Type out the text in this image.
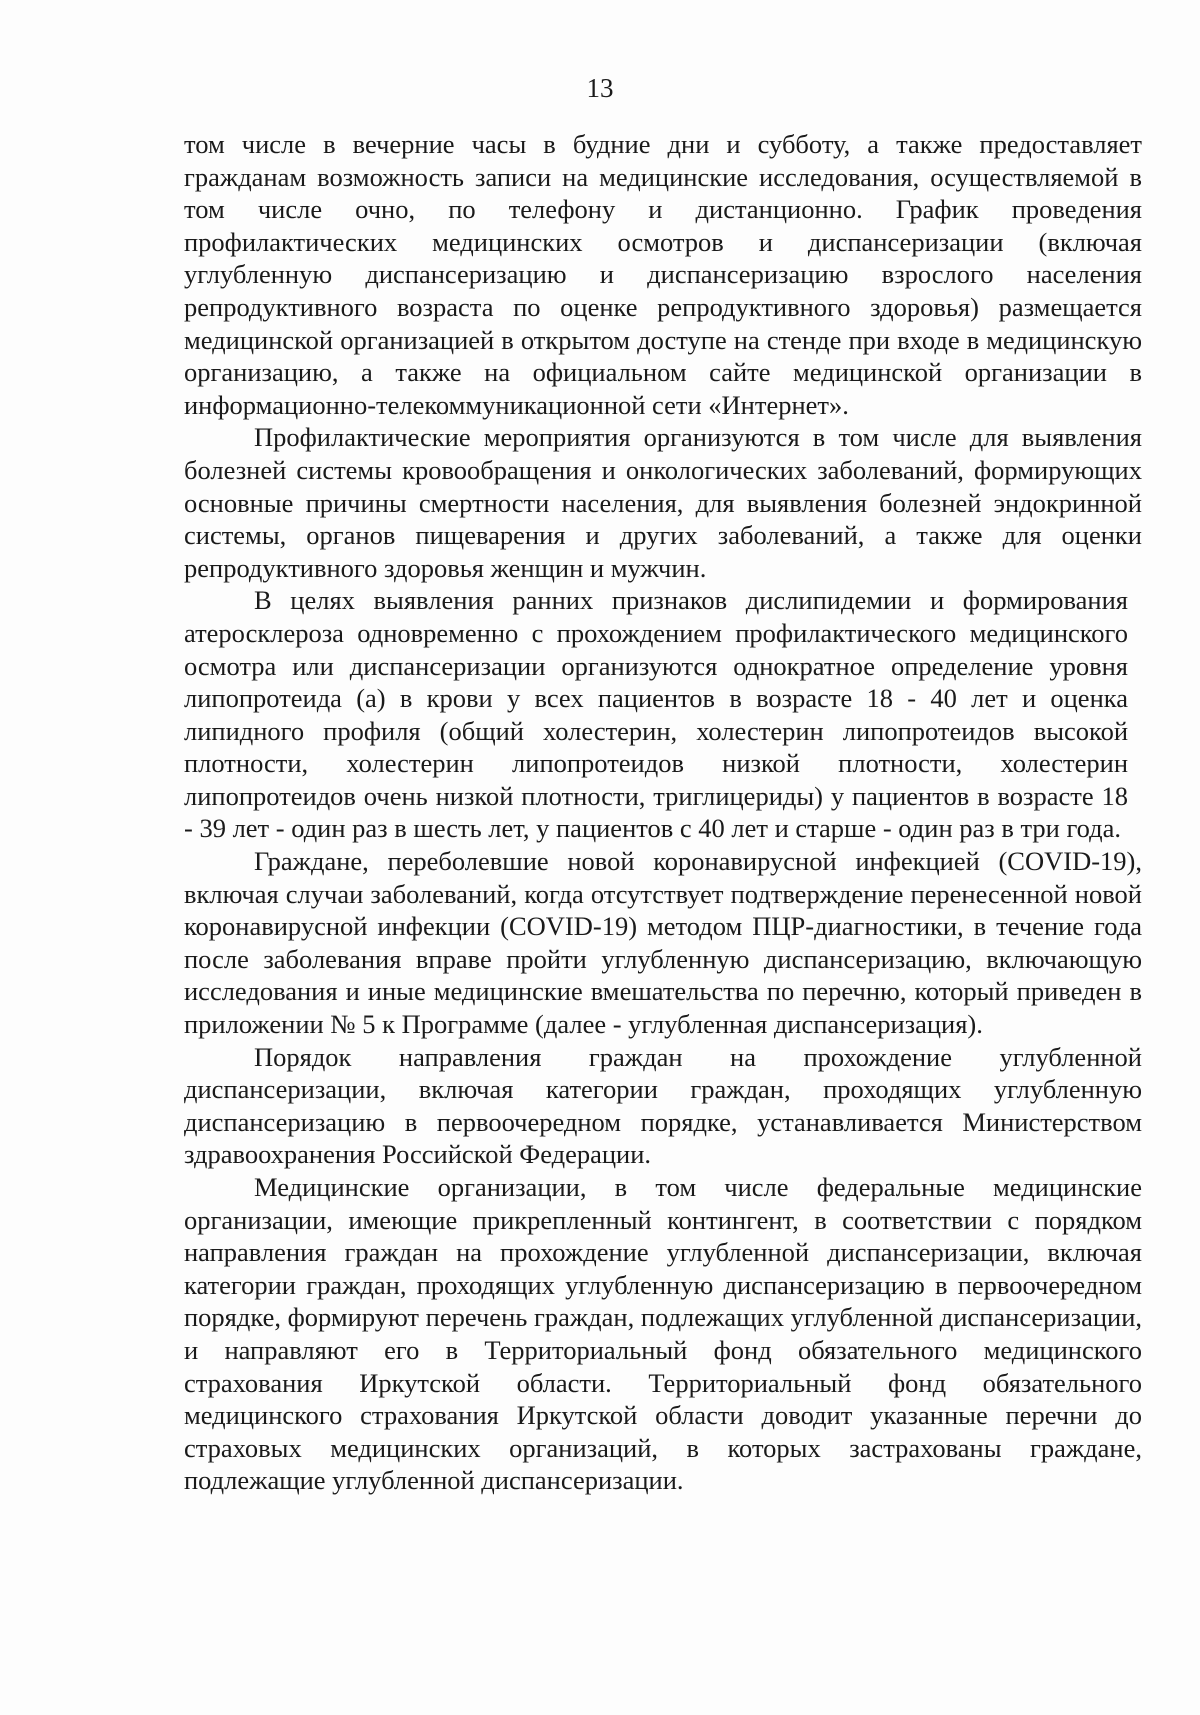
13

том числе в вечерние часы в будние дни и субботу, а также предоставляет гражданам возможность записи на медицинские исследования, осуществляемой в том числе очно, по телефону и дистанционно. График проведения профилактических медицинских осмотров и диспансеризации (включая углубленную диспансеризацию и диспансеризацию взрослого населения репродуктивного возраста по оценке репродуктивного здоровья) размещается медицинской организацией в открытом доступе на стенде при входе в медицинскую организацию, а также на официальном сайте медицинской организации в информационно-телекоммуникационной сети «Интернет».

Профилактические мероприятия организуются в том числе для выявления болезней системы кровообращения и онкологических заболеваний, формирующих основные причины смертности населения, для выявления болезней эндокринной системы, органов пищеварения и других заболеваний, а также для оценки репродуктивного здоровья женщин и мужчин.

В целях выявления ранних признаков дислипидемии и формирования атеросклероза одновременно с прохождением профилактического медицинского осмотра или диспансеризации организуются однократное определение уровня липопротеида (а) в крови у всех пациентов в возрасте 18 - 40 лет и оценка липидного профиля (общий холестерин, холестерин липопротеидов высокой плотности, холестерин липопротеидов низкой плотности, холестерин липопротеидов очень низкой плотности, триглицериды) у пациентов в возрасте 18 - 39 лет - один раз в шесть лет, у пациентов с 40 лет и старше - один раз в три года.

Граждане, переболевшие новой коронавирусной инфекцией (COVID-19), включая случаи заболеваний, когда отсутствует подтверждение перенесенной новой коронавирусной инфекции (COVID-19) методом ПЦР-диагностики, в течение года после заболевания вправе пройти углубленную диспансеризацию, включающую исследования и иные медицинские вмешательства по перечню, который приведен в приложении № 5 к Программе (далее - углубленная диспансеризация).

Порядок направления граждан на прохождение углубленной диспансеризации, включая категории граждан, проходящих углубленную диспансеризацию в первоочередном порядке, устанавливается Министерством здравоохранения Российской Федерации.

Медицинские организации, в том числе федеральные медицинские организации, имеющие прикрепленный контингент, в соответствии с порядком направления граждан на прохождение углубленной диспансеризации, включая категории граждан, проходящих углубленную диспансеризацию в первоочередном порядке, формируют перечень граждан, подлежащих углубленной диспансеризации, и направляют его в Территориальный фонд обязательного медицинского страхования Иркутской области. Территориальный фонд обязательного медицинского страхования Иркутской области доводит указанные перечни до страховых медицинских организаций, в которых застрахованы граждане, подлежащие углубленной диспансеризации.
